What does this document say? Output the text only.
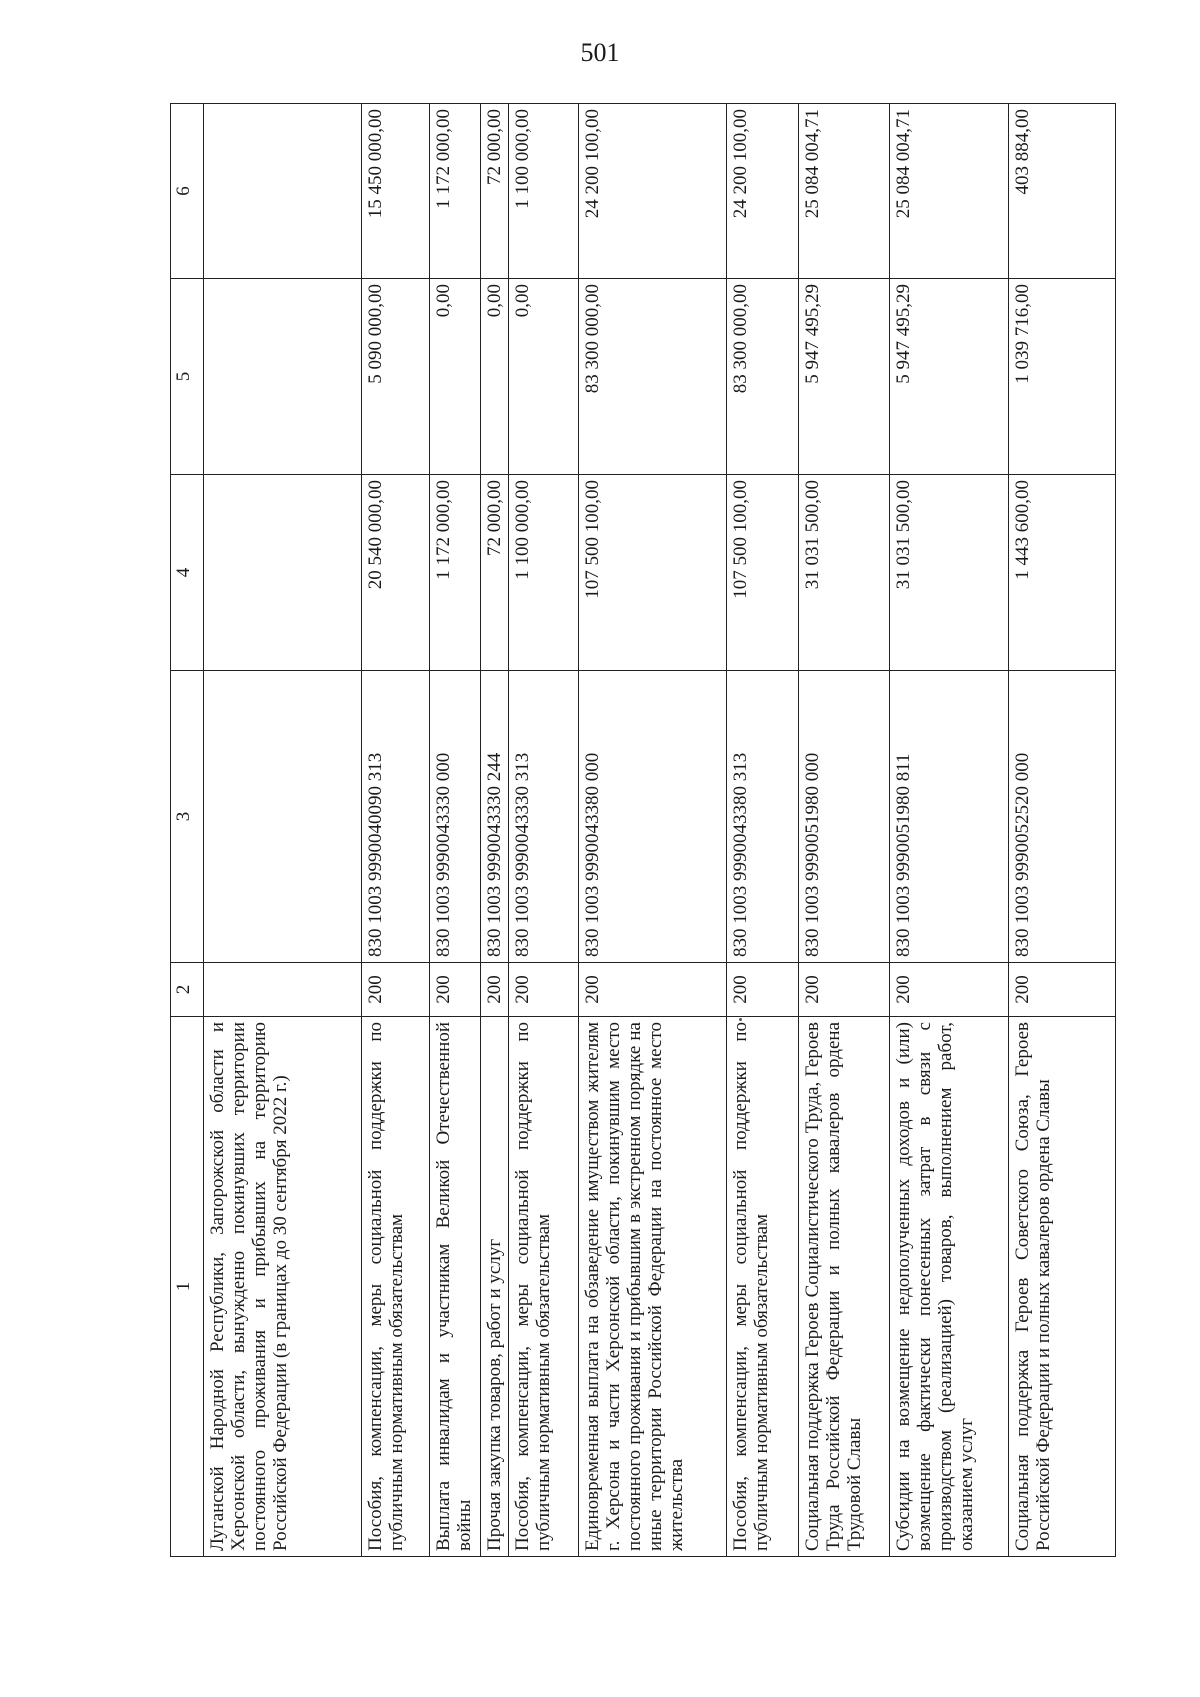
501
1	2	3	4	5	6
Луганской Народной Республики, Запорожской области и Херсонской области, вынужденно покинувших территории постоянного проживания и прибывших на территорию Российской Федерации (в границах до 30 сентября 2022 г.)					
Пособия, компенсации, меры социальной поддержки по публичным нормативным обязательствам	200	830 1003 9990040090 313	20 540 000,00	5 090 000,00	15 450 000,00
Выплата инвалидам и участникам Великой Отечественной войны	200	830 1003 9990043330 000	1 172 000,00	0,00	1 172 000,00
Прочая закупка товаров, работ и услуг	200	830 1003 9990043330 244	72 000,00	0,00	72 000,00
Пособия, компенсации, меры социальной поддержки по публичным нормативным обязательствам	200	830 1003 9990043330 313	1 100 000,00	0,00	1 100 000,00
Единовременная выплата на обзаведение имуществом жителям г. Херсона и части Херсонской области, покинувшим место постоянного проживания и прибывшим в экстренном порядке на иные территории Российской Федерации на постоянное место жительства	200	830 1003 9990043380 000	107 500 100,00	83 300 000,00	24 200 100,00
Пособия, компенсации, меры социальной поддержки по публичным нормативным обязательствам	200	830 1003 9990043380 313	107 500 100,00	83 300 000,00	24 200 100,00
Социальная поддержка Героев Социалистического Труда, Героев Труда Российской Федерации и полных кавалеров ордена Трудовой Славы	200	830 1003 9990051980 000	31 031 500,00	5 947 495,29	25 084 004,71
Субсидии на возмещение недополученных доходов и (или) возмещение фактически понесенных затрат в связи с производством (реализацией) товаров, выполнением работ, оказанием услуг	200	830 1003 9990051980 811	31 031 500,00	5 947 495,29	25 084 004,71
Социальная поддержка Героев Советского Союза, Героев Российской Федерации и полных кавалеров ордена Славы	200	830 1003 9990052520 000	1 443 600,00	1 039 716,00	403 884,00
